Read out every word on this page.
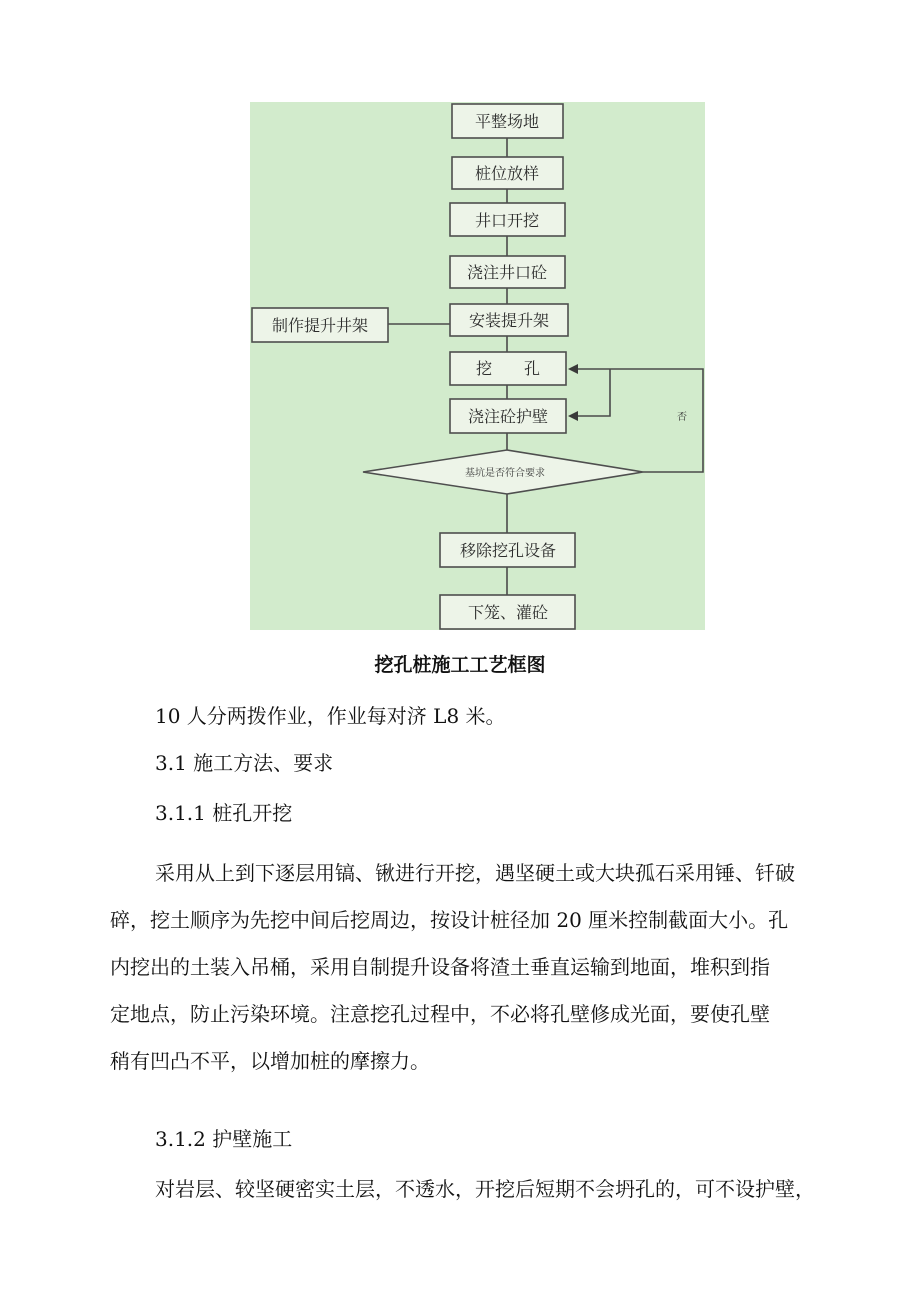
平整场地
桩位放样
井口开挖
浇注井口砼
安装提升架
制作提升井架
挖　　孔
浇注砼护壁
基坑是否符合要求
否
移除挖孔设备
下笼、灌砼
挖孔桩施工工艺框图
10 人分两拨作业，作业每对济 L8 米。
3.1 施工方法、要求
3.1.1 桩孔开挖
采用从上到下逐层用镐、锹进行开挖，遇坚硬土或大块孤石采用锤、钎破
碎，挖土顺序为先挖中间后挖周边，按设计桩径加 20 厘米控制截面大小。孔
内挖出的土装入吊桶，采用自制提升设备将渣土垂直运输到地面，堆积到指
定地点，防止污染环境。注意挖孔过程中，不必将孔壁修成光面，要使孔壁
稍有凹凸不平，以增加桩的摩擦力。
3.1.2 护壁施工
对岩层、较坚硬密实土层，不透水，开挖后短期不会坍孔的，可不设护壁，
